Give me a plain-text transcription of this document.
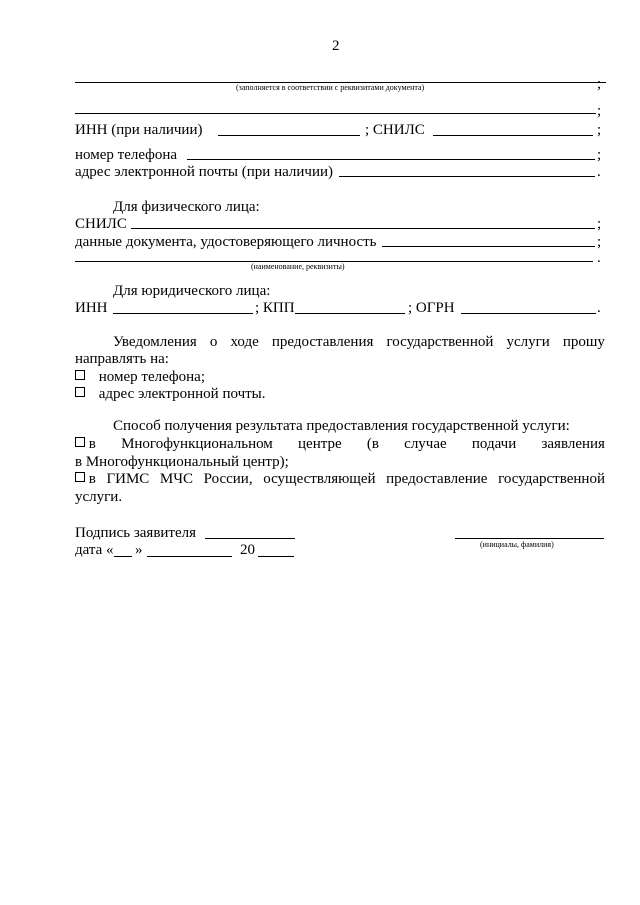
2
(заполняется в соответствии с реквизитами документа)	;
;
ИНН (при наличии)	; СНИЛС	;
номер телефона	;
адрес электронной почты (при наличии)	.
Для физического лица:
СНИЛС	;
данные документа, удостоверяющего личность	;
.
(наименование, реквизиты)
Для юридического лица:
ИНН	; КПП	; ОГРН	.
Уведомления о ходе предоставления государственной услуги прошу
направлять на:
номер телефона;
адрес электронной почты.
Способ получения результата предоставления государственной услуги:
в Многофункциональном центре (в случае подачи заявления
в Многофункциональный центр);
в ГИМС МЧС России, осуществляющей предоставление государственной
услуги.
Подпись заявителя
(инициалы, фамилия)
дата « »	20
